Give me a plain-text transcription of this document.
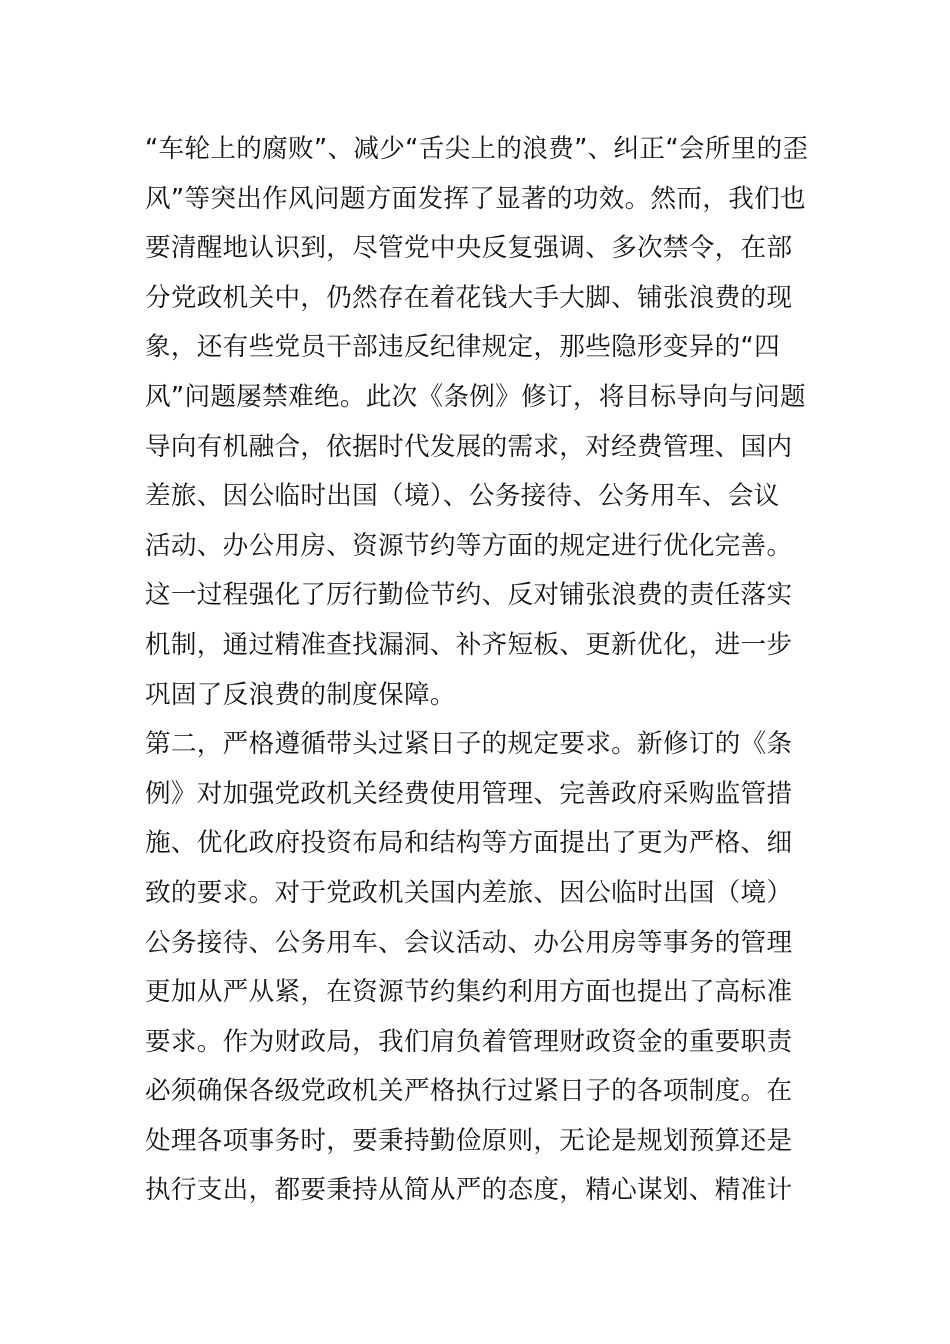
“车轮上的腐败”、减少“舌尖上的浪费”、纠正“会所里的歪
风”等突出作风问题方面发挥了显著的功效。然而，我们也
要清醒地认识到，尽管党中央反复强调、多次禁令，在部
分党政机关中，仍然存在着花钱大手大脚、铺张浪费的现
象，还有些党员干部违反纪律规定，那些隐形变异的“四
风”问题屡禁难绝。此次《条例》修订，将目标导向与问题
导向有机融合，依据时代发展的需求，对经费管理、国内
差旅、因公临时出国（境）、公务接待、公务用车、会议
活动、办公用房、资源节约等方面的规定进行优化完善。
这一过程强化了厉行勤俭节约、反对铺张浪费的责任落实
机制，通过精准查找漏洞、补齐短板、更新优化，进一步
巩固了反浪费的制度保障。
第二，严格遵循带头过紧日子的规定要求。新修订的《条
例》对加强党政机关经费使用管理、完善政府采购监管措
施、优化政府投资布局和结构等方面提出了更为严格、细
致的要求。对于党政机关国内差旅、因公临时出国（境）
公务接待、公务用车、会议活动、办公用房等事务的管理
更加从严从紧，在资源节约集约利用方面也提出了高标准
要求。作为财政局，我们肩负着管理财政资金的重要职责
必须确保各级党政机关严格执行过紧日子的各项制度。在
处理各项事务时，要秉持勤俭原则，无论是规划预算还是
执行支出，都要秉持从简从严的态度，精心谋划、精准计
